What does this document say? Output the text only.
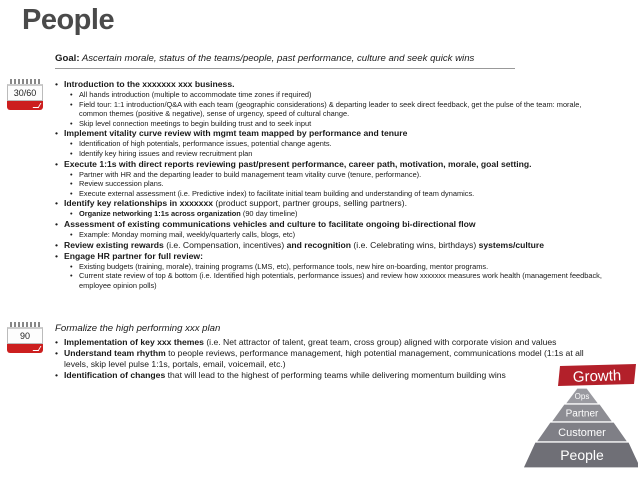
People
Goal: Ascertain morale, status of the teams/people, past performance, culture and seek quick wins
30/60
90
• Introduction to the xxxxxxx xxx business.
• All hands introduction (multiple to accommodate time zones if required)
• Field tour: 1:1 introduction/Q&A with each team (geographic considerations) & departing leader to seek direct feedback, get the pulse of the team: morale, common themes (positive & negative), sense of urgency, speed of cultural change.
• Skip level connection meetings to begin building trust and to seek input
• Implement vitality curve review with mgmt team mapped by performance and tenure
• Identification of high potentials, performance issues, potential change agents.
• Identify key hiring issues and review recruitment plan
• Execute 1:1s with direct reports reviewing past/present performance, career path, motivation, morale, goal setting.
• Partner with HR and the departing leader to build management team vitality curve (tenure, performance).
• Review succession plans.
• Execute external assessment (i.e. Predictive index) to facilitate initial team building and understanding of team dynamics.
• Identify key relationships in xxxxxxx (product support, partner groups, selling partners).
• Organize networking 1:1s across organization (90 day timeline)
• Assessment of existing communications vehicles and culture to facilitate ongoing bi-directional flow
• Example: Monday morning mail, weekly/quarterly calls, blogs, etc)
• Review existing rewards (i.e. Compensation, incentives) and recognition (i.e. Celebrating wins, birthdays) systems/culture
• Engage HR partner for full review:
• Existing budgets (training, morale), training programs (LMS, etc), performance tools, new hire on-boarding, mentor programs.
• Current state review of top & bottom (i.e. Identified high potentials, performance issues) and review how xxxxxxx measures work health (management feedback, employee opinion polls)
Formalize the high performing xxx plan
• Implementation of key xxx themes (i.e. Net attractor of talent, great team, cross group) aligned with corporate vision and values
• Understand team rhythm to people reviews, performance management, high potential management, communications model (1:1s at all levels, skip level pulse 1:1s, portals, email, voicemail, etc.)
• Identification of changes that will lead to the highest of performing teams while delivering momentum building wins	Growth
Ops
Partner
Customer
People
